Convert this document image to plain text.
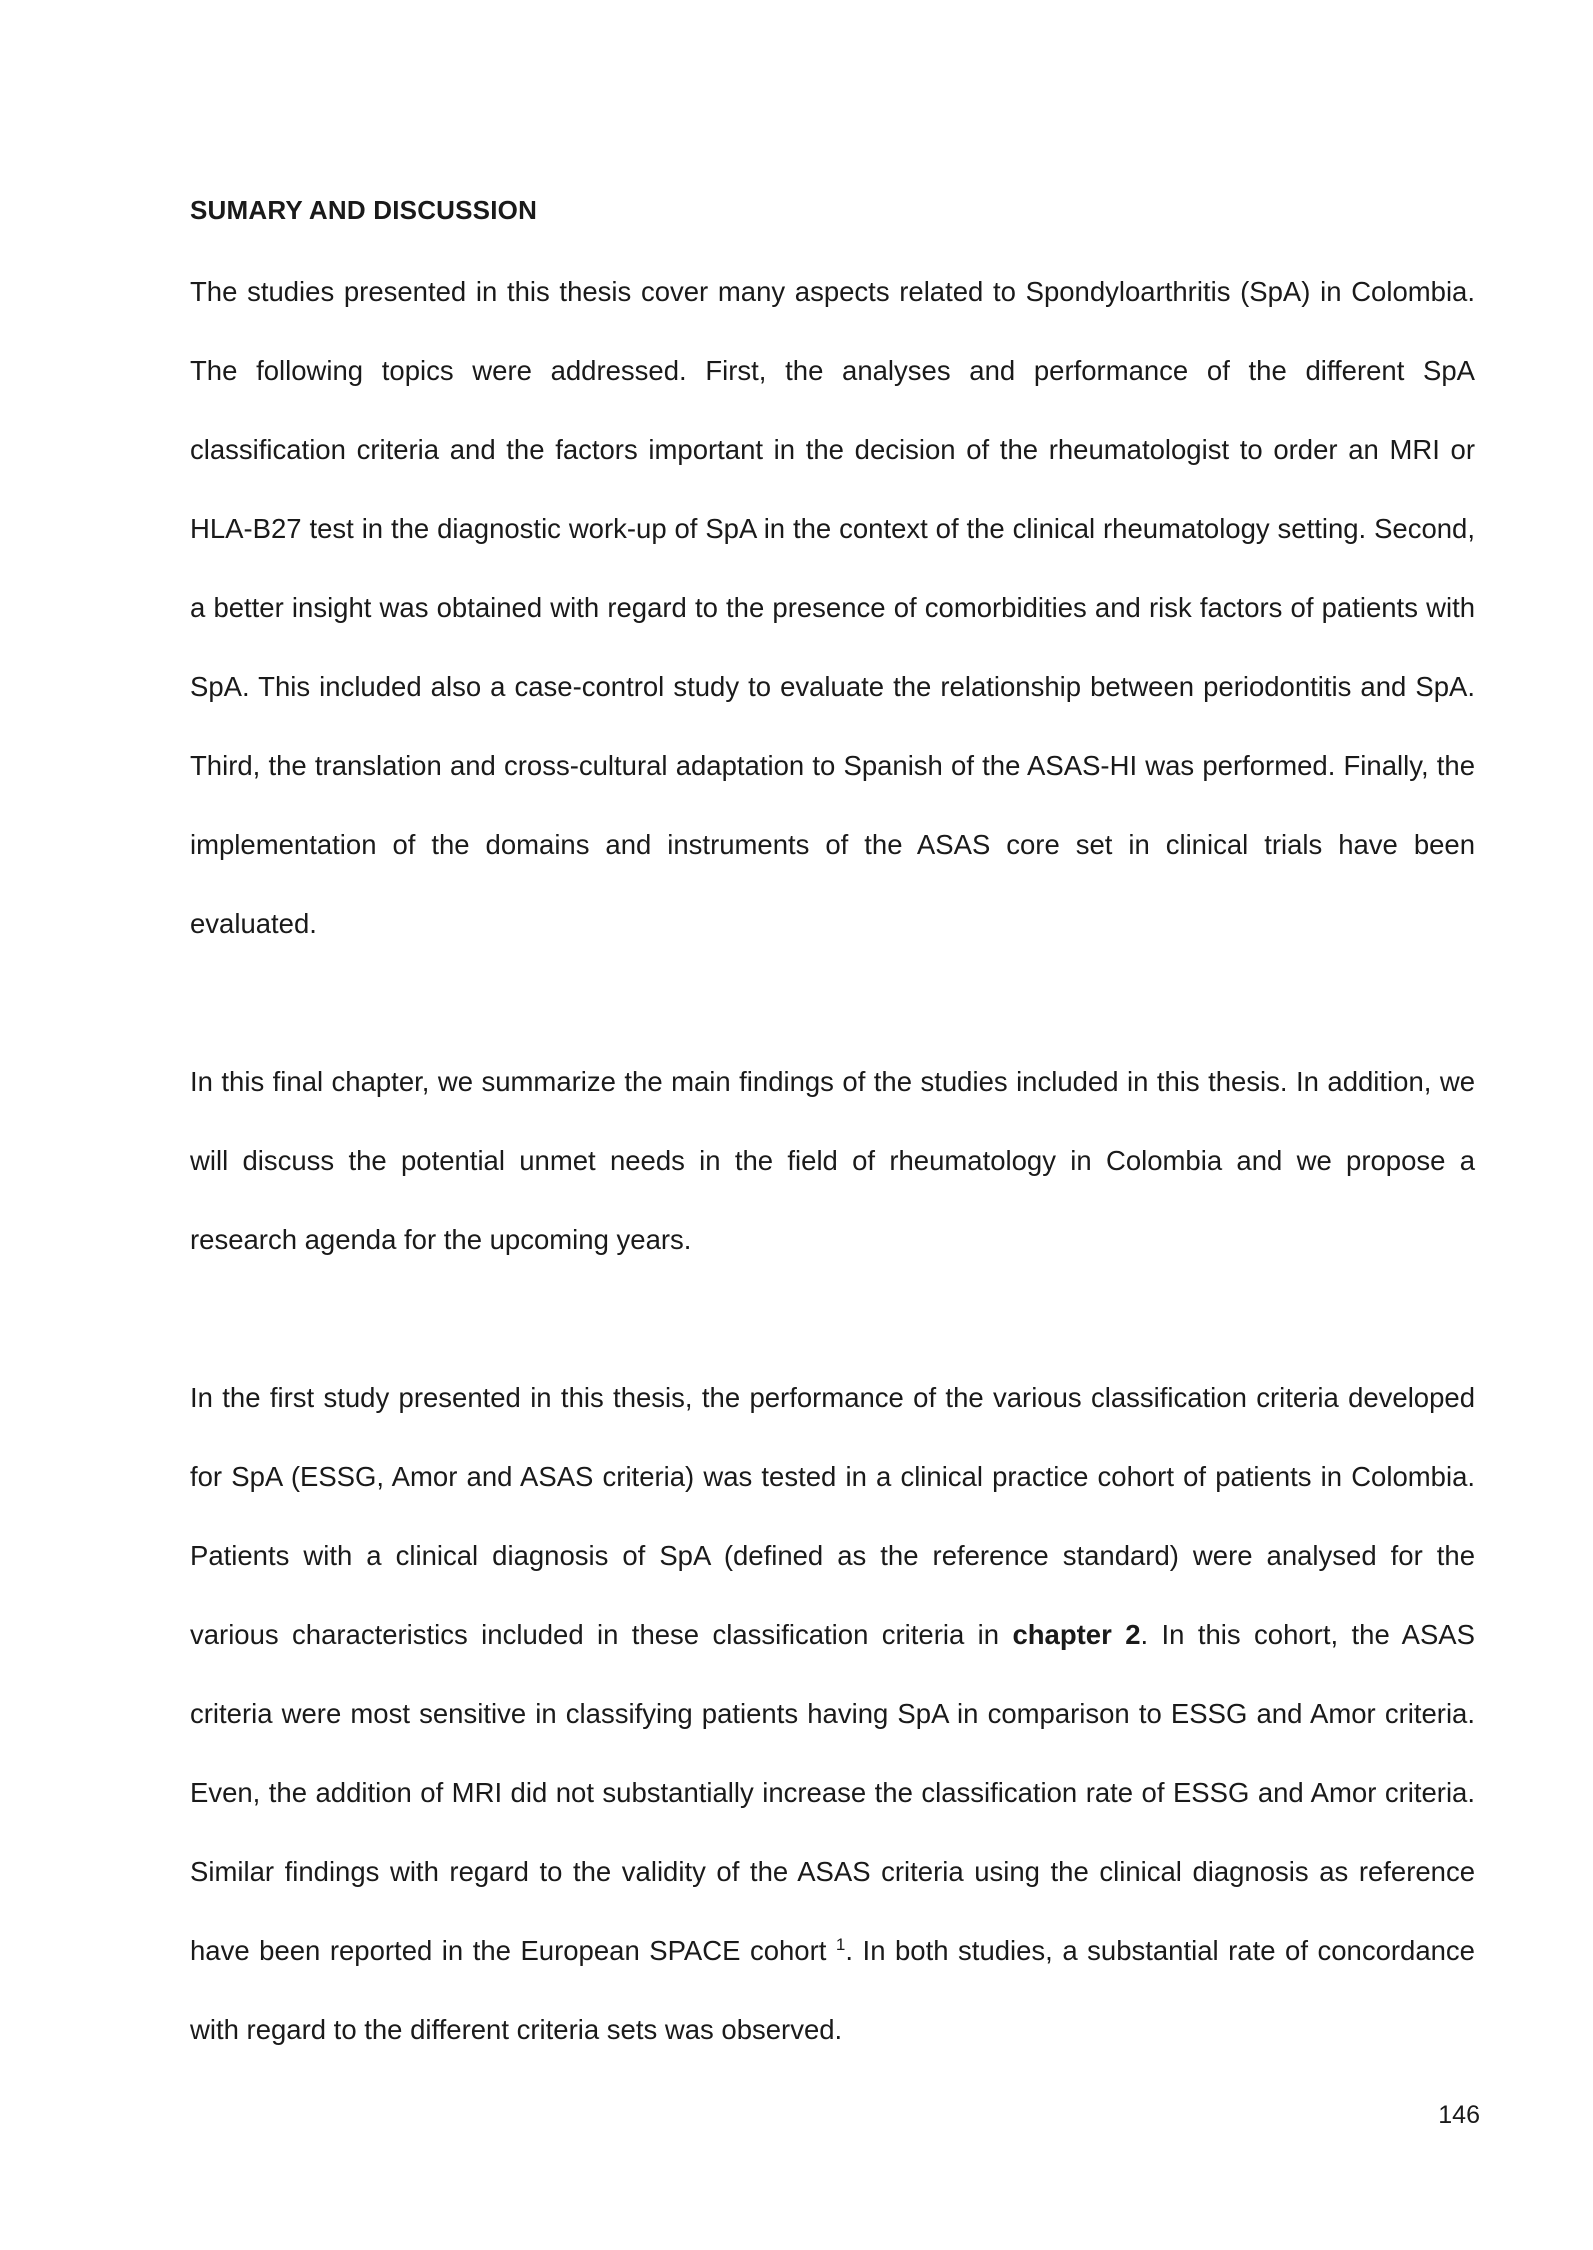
SUMARY AND DISCUSSION

The studies presented in this thesis cover many aspects related to Spondyloarthritis (SpA) in Colombia. The following topics were addressed. First, the analyses and performance of the different SpA classification criteria and the factors important in the decision of the rheumatologist to order an MRI or HLA-B27 test in the diagnostic work-up of SpA in the context of the clinical rheumatology setting. Second, a better insight was obtained with regard to the presence of comorbidities and risk factors of patients with SpA. This included also a case-control study to evaluate the relationship between periodontitis and SpA. Third, the translation and cross-cultural adaptation to Spanish of the ASAS-HI was performed. Finally, the implementation of the domains and instruments of the ASAS core set in clinical trials have been evaluated.

In this final chapter, we summarize the main findings of the studies included in this thesis. In addition, we will discuss the potential unmet needs in the field of rheumatology in Colombia and we propose a research agenda for the upcoming years.

In the first study presented in this thesis, the performance of the various classification criteria developed for SpA (ESSG, Amor and ASAS criteria) was tested in a clinical practice cohort of patients in Colombia. Patients with a clinical diagnosis of SpA (defined as the reference standard) were analysed for the various characteristics included in these classification criteria in chapter 2. In this cohort, the ASAS criteria were most sensitive in classifying patients having SpA in comparison to ESSG and Amor criteria. Even, the addition of MRI did not substantially increase the classification rate of ESSG and Amor criteria. Similar findings with regard to the validity of the ASAS criteria using the clinical diagnosis as reference have been reported in the European SPACE cohort $^1$. In both studies, a substantial rate of concordance with regard to the different criteria sets was observed.

146
